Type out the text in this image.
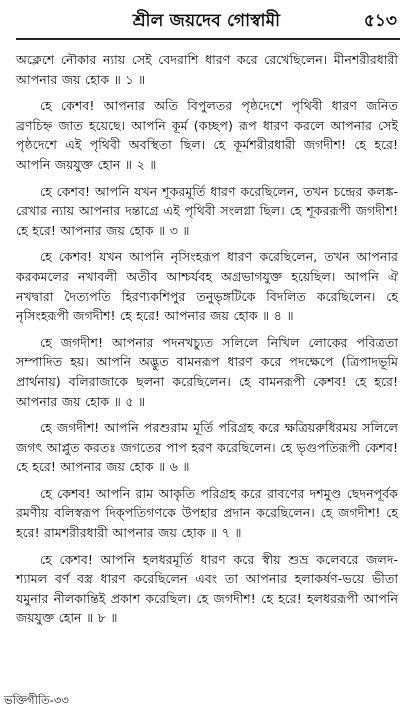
শ্রীল জয়দেব গোস্বামী	৫১৩

অক্লেশে নৌকার ন্যায় সেই বেদরাশি ধারণ করে রেখেছিলেন। মীনশরীরধারী আপনার জয় হোক ॥ ১ ॥

হে কেশব! আপনার অতি বিপুলতর পৃষ্ঠদেশে পৃথিবী ধারণ জনিত ব্রণচিহ্ন জাত হয়েছে। আপনি কূর্ম (কচ্ছপ) রূপ ধারণ করলে আপনার সেই পৃষ্ঠদেশে এই পৃথিবী অবস্থিতা ছিল। হে কূর্মশরীরধারী জগদীশ! হে হরে! আপনি জয়যুক্ত হোন ॥ ২ ॥

হে কেশব! আপনি যখন শূকরমূর্তি ধারণ করেছিলেন, তখন চন্দ্রের কলঙ্ক-রেখার ন্যায় আপনার দন্তাগ্রে এই পৃথিবী সংলগ্না ছিল। হে শূকররূপী জগদীশ! হে হরে! আপনার জয় হোক ॥ ৩ ॥

হে কেশব! যখন আপনি নৃসিংহরূপ ধারণ করেছিলেন, তখন আপনার করকমলের নখাবলী অতীব আশ্চর্যবহ অগ্রভাগযুক্ত হয়েছিল। আপনি ঐ নখদ্বারা দৈত্যপতি হিরণ্যকশিপুর তনুভৃঙ্গটিকে বিদলিত করেছিলেন। হে নৃসিংহরূপী জগদীশ! হে হরে! আপনার জয় হোক ॥ ৪ ॥

হে জগদীশ! আপনার পদনখচ্যুত সলিলে নিখিল লোকের পবিত্রতা সম্পাদিত হয়। আপনি অদ্ভুত বামনরূপ ধারণ করে পদক্ষেপে (ত্রিপাদভূমি প্রার্থনায়) বলিরাজাকে ছলনা করেছিলেন। হে বামনরূপী কেশব! হে হরে! আপনার জয় হোক ॥ ৫ ॥

হে জগদীশ! আপনি পরশুরাম মূর্তি পরিগ্রহ করে ক্ষত্রিয়রুধিরময় সলিলে জগৎ আপ্লুত করতঃ জগতের পাপ হরণ করেছিলেন। হে ভৃগুপতিরূপী কেশব! হে হরে! আপনার জয় হোক ॥ ৬ ॥

হে কেশব! আপনি রাম আকৃতি পরিগ্রহ করে রাবণের দশমুণ্ড ছেদনপূর্বক রমণীয় বলিস্বরূপ দিক্‌পতিগণকে উপহার প্রদান করেছিলেন। হে জগদীশ! হে হরে! রামশরীরধারী আপনার জয় হোক ॥ ৭ ॥

হে কেশব! আপনি হলধরমূর্তি ধারণ করে স্বীয় শুভ্র কলেবরে জলদ-শ্যামল বর্ণ বস্ত্র ধারণ করেছিলেন এবং তা আপনার হলাকর্ষণ-ভয়ে ভীতা যমুনার নীলকান্তিই প্রকাশ করেছিল। হে জগদীশ! হে হরে! হলধররূপী আপনি জয়যুক্ত হোন ॥ ৮ ॥

ভক্তিগীতি-৩৩
